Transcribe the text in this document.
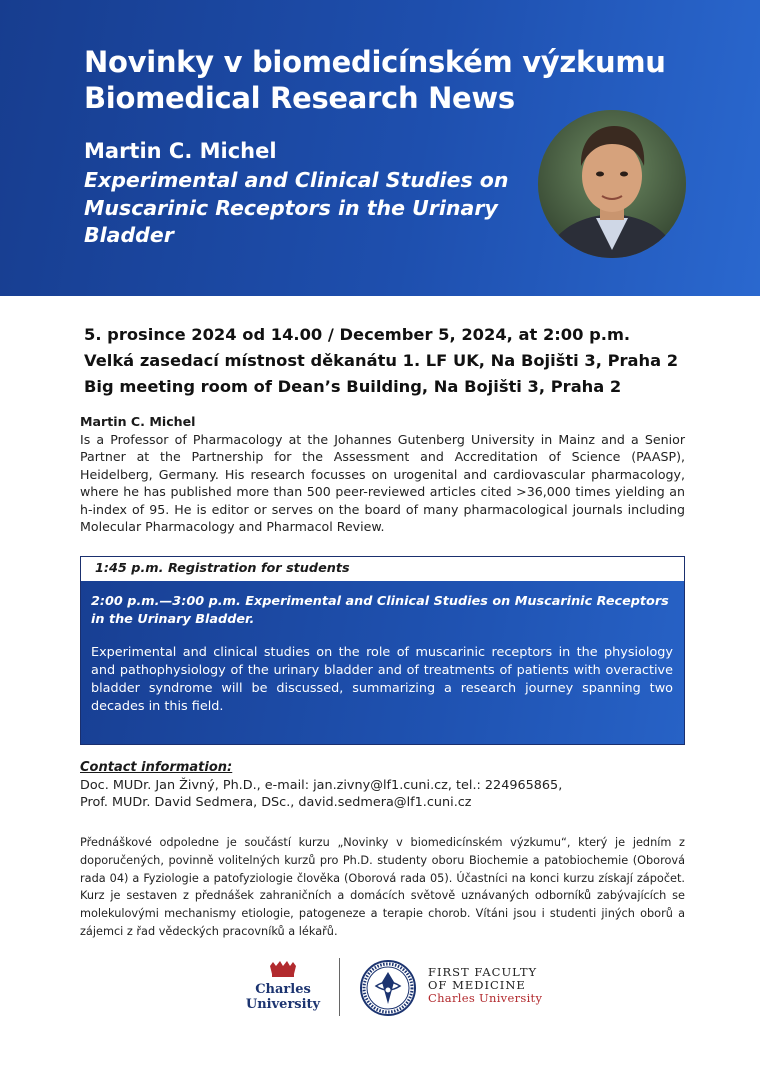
Novinky v biomedicínském výzkumu
Biomedical Research News
Martin C. Michel
Experimental and Clinical Studies on
Muscarinic Receptors in the Urinary
Bladder
5. prosince 2024 od 14.00 / December 5, 2024, at 2:00 p.m.
Velká zasedací místnost děkanátu 1. LF UK, Na Bojišti 3, Praha 2
Big meeting room of Dean’s Building, Na Bojišti 3, Praha 2
Martin C. Michel
Is a Professor of Pharmacology at the Johannes Gutenberg University in Mainz and a Senior Partner at the Partnership for the Assessment and Accreditation of Science (PAASP), Heidelberg, Germany. His research focusses on urogenital and cardiovascular pharmacology, where he has published more than 500 peer-reviewed articles cited >36,000 times yielding an h-index of 95. He is editor or serves on the board of many pharmacological journals including Molecular Pharmacology and Pharmacol Review.
1:45 p.m. Registration for students
2:00 p.m.—3:00 p.m. Experimental and Clinical Studies on Muscarinic Receptors in the Urinary Bladder.
Experimental and clinical studies on the role of muscarinic receptors in the physiology and pathophysiology of the urinary bladder and of treatments of patients with overactive bladder syndrome will be discussed, summarizing a research journey spanning two decades in this field.
Contact information:
Doc. MUDr. Jan Živný, Ph.D., e-mail: jan.zivny@lf1.cuni.cz, tel.: 224965865,
Prof. MUDr. David Sedmera, DSc., david.sedmera@lf1.cuni.cz
Přednáškové odpoledne je součástí kurzu „Novinky v biomedicínském výzkumu“, který je jedním z doporučených, povinně volitelných kurzů pro Ph.D. studenty oboru Biochemie a patobiochemie (Oborová rada 04) a Fyziologie a patofyziologie člověka (Oborová rada 05). Účastníci na konci kurzu získají zápočet. Kurz je sestaven z přednášek zahraničních a domácích světově uznávaných odborníků zabývajících se molekulovými mechanismy etiologie, patogeneze a terapie chorob. Vítáni jsou i studenti jiných oborů a zájemci z řad vědeckých pracovníků a lékařů.
Charles
University
FIRST FACULTY
OF MEDICINE
Charles University
